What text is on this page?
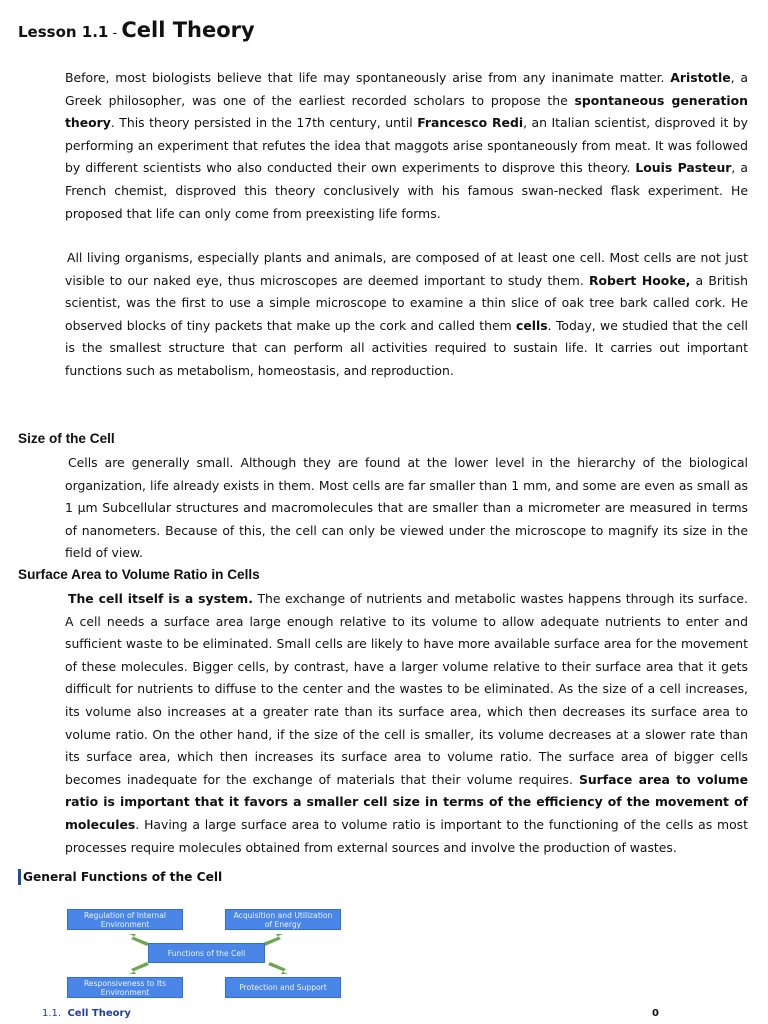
Lesson 1.1 - Cell Theory

Before, most biologists believe that life may spontaneously arise from any inanimate matter. Aristotle, a Greek philosopher, was one of the earliest recorded scholars to propose the spontaneous generation theory. This theory persisted in the 17th century, until Francesco Redi, an Italian scientist, disproved it by performing an experiment that refutes the idea that maggots arise spontaneously from meat. It was followed by different scientists who also conducted their own experiments to disprove this theory. Louis Pasteur, a French chemist, disproved this theory conclusively with his famous swan-necked flask experiment. He proposed that life can only come from preexisting life forms.

All living organisms, especially plants and animals, are composed of at least one cell. Most cells are not just visible to our naked eye, thus microscopes are deemed important to study them. Robert Hooke, a British scientist, was the first to use a simple microscope to examine a thin slice of oak tree bark called cork. He observed blocks of tiny packets that make up the cork and called them cells. Today, we studied that the cell is the smallest structure that can perform all activities required to sustain life. It carries out important functions such as metabolism, homeostasis, and reproduction.

Size of the Cell

Cells are generally small. Although they are found at the lower level in the hierarchy of the biological organization, life already exists in them. Most cells are far smaller than 1 mm, and some are even as small as 1 µm Subcellular structures and macromolecules that are smaller than a micrometer are measured in terms of nanometers. Because of this, the cell can only be viewed under the microscope to magnify its size in the field of view.

Surface Area to Volume Ratio in Cells

The cell itself is a system. The exchange of nutrients and metabolic wastes happens through its surface. A cell needs a surface area large enough relative to its volume to allow adequate nutrients to enter and sufficient waste to be eliminated. Small cells are likely to have more available surface area for the movement of these molecules. Bigger cells, by contrast, have a larger volume relative to their surface area that it gets difficult for nutrients to diffuse to the center and the wastes to be eliminated. As the size of a cell increases, its volume also increases at a greater rate than its surface area, which then decreases its surface area to volume ratio. On the other hand, if the size of the cell is smaller, its volume decreases at a slower rate than its surface area, which then increases its surface area to volume ratio. The surface area of bigger cells becomes inadequate for the exchange of materials that their volume requires. Surface area to volume ratio is important that it favors a smaller cell size in terms of the efficiency of the movement of molecules. Having a large surface area to volume ratio is important to the functioning of the cells as most processes require molecules obtained from external sources and involve the production of wastes.

General Functions of the Cell
Regulation of Internal Environment
Acquisition and Utilization of Energy
Functions of the Cell
Responsiveness to Its Environment	Protection and Support
1.1. Cell Theory	0
